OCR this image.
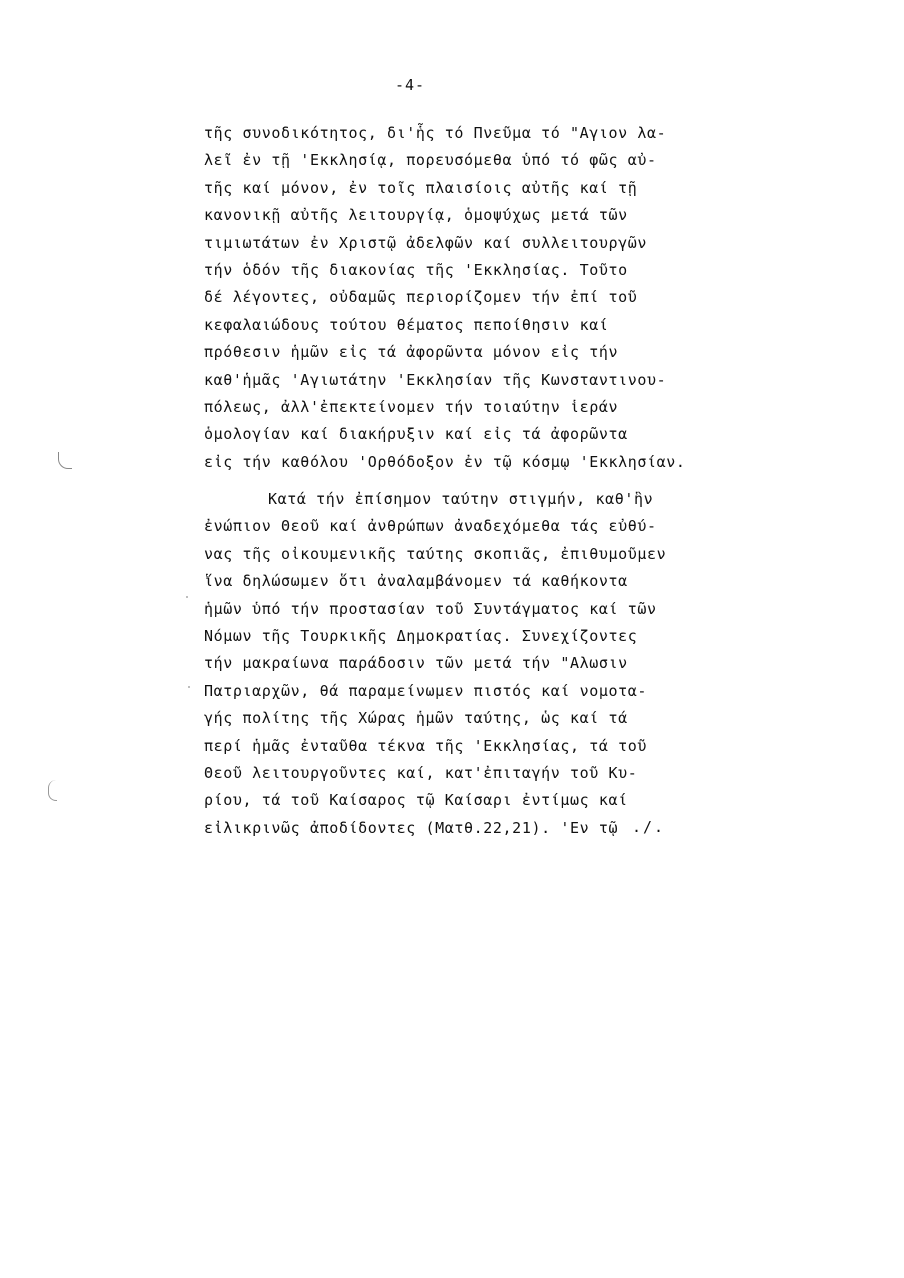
-4-
τῆς συνοδικότητος, δι'ἧς τό Πνεῦμα τό "Αγιον λα-
λεῖ ἐν τῇ 'Εκκλησίᾳ, πορευσόμεθα ὑπό τό φῶς αὐ-
τῆς καί μόνον, ἐν τοῖς πλαισίοις αὐτῆς καί τῇ
κανονικῇ αὐτῆς λειτουργίᾳ, ὁμοψύχως μετά τῶν
τιμιωτάτων ἐν Χριστῷ ἀδελφῶν καί συλλειτουργῶν
τήν ὁδόν τῆς διακονίας τῆς 'Εκκλησίας. Τοῦτο
δέ λέγοντες, οὐδαμῶς περιορίζομεν τήν ἐπί τοῦ
κεφαλαιώδους τούτου θέματος πεποίθησιν καί
πρόθεσιν ἡμῶν εἰς τά ἀφορῶντα μόνον εἰς τήν
καθ'ἡμᾶς 'Αγιωτάτην 'Εκκλησίαν τῆς Κωνσταντινου-
πόλεως, ἀλλ'ἐπεκτείνομεν τήν τοιαύτην ἱεράν
ὁμολογίαν καί διακήρυξιν καί εἰς τά ἀφορῶντα
εἰς τήν καθόλου 'Ορθόδοξον ἐν τῷ κόσμῳ 'Εκκλησίαν.
Κατά τήν ἐπίσημον ταύτην στιγμήν, καθ'ἣν
ἐνώπιον Θεοῦ καί ἀνθρώπων ἀναδεχόμεθα τάς εὐθύ-
νας τῆς οἰκουμενικῆς ταύτης σκοπιᾶς, ἐπιθυμοῦμεν
ἵνα δηλώσωμεν ὅτι ἀναλαμβάνομεν τά καθήκοντα
ἡμῶν ὑπό τήν προστασίαν τοῦ Συντάγματος καί τῶν
Νόμων τῆς Τουρκικῆς Δημοκρατίας. Συνεχίζοντες
τήν μακραίωνα παράδοσιν τῶν μετά τήν "Αλωσιν
Πατριαρχῶν, θά παραμείνωμεν πιστός καί νομοτα-
γής πολίτης τῆς Χώρας ἡμῶν ταύτης, ὡς καί τά
περί ἡμᾶς ἐνταῦθα τέκνα τῆς 'Εκκλησίας, τά τοῦ
Θεοῦ λειτουργοῦντες καί, κατ'ἐπιταγήν τοῦ Κυ-
ρίου, τά τοῦ Καίσαρος τῷ Καίσαρι ἐντίμως καί
εἰλικρινῶς ἀποδίδοντες (Ματθ.22,21). 'Εν τῷ ./.
